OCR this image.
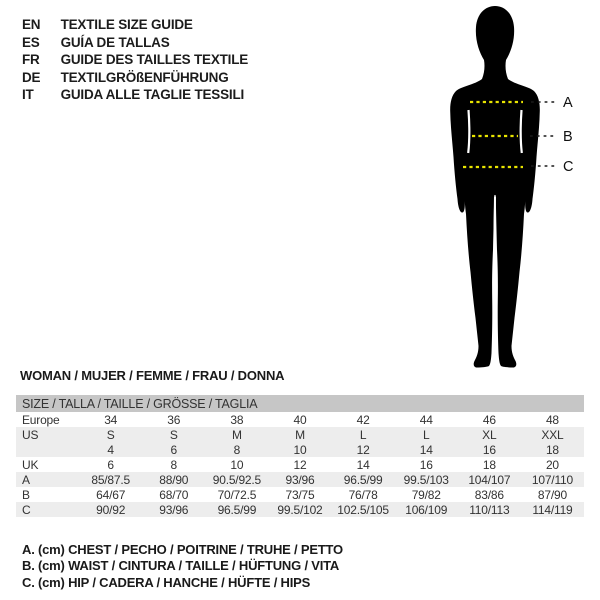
EN TEXTILE SIZE GUIDE
ES GUÍA DE TALLAS
FR GUIDE DES TAILLES TEXTILE
DE TEXTILGRÖßENFÜHRUNG
IT GUIDA ALLE TAGLIE TESSILI
A
B
C
WOMAN / MUJER / FEMME / FRAU / DONNA
SIZE / TALLA / TAILLE / GRÖSSE / TAGLIA								
Europe	34	36	38	40	42	44	46	48
US	S	S	M	M	L	L	XL	XXL
	4	6	8	10	12	14	16	18
UK	6	8	10	12	14	16	18	20
A	85/87.5	88/90	90.5/92.5	93/96	96.5/99	99.5/103	104/107	107/110
B	64/67	68/70	70/72.5	73/75	76/78	79/82	83/86	87/90
C	90/92	93/96	96.5/99	99.5/102	102.5/105	106/109	110/113	114/119
A. (cm) CHEST / PECHO / POITRINE / TRUHE / PETTO
B. (cm) WAIST / CINTURA / TAILLE / HÜFTUNG / VITA
C. (cm) HIP / CADERA / HANCHE / HÜFTE / HIPS
